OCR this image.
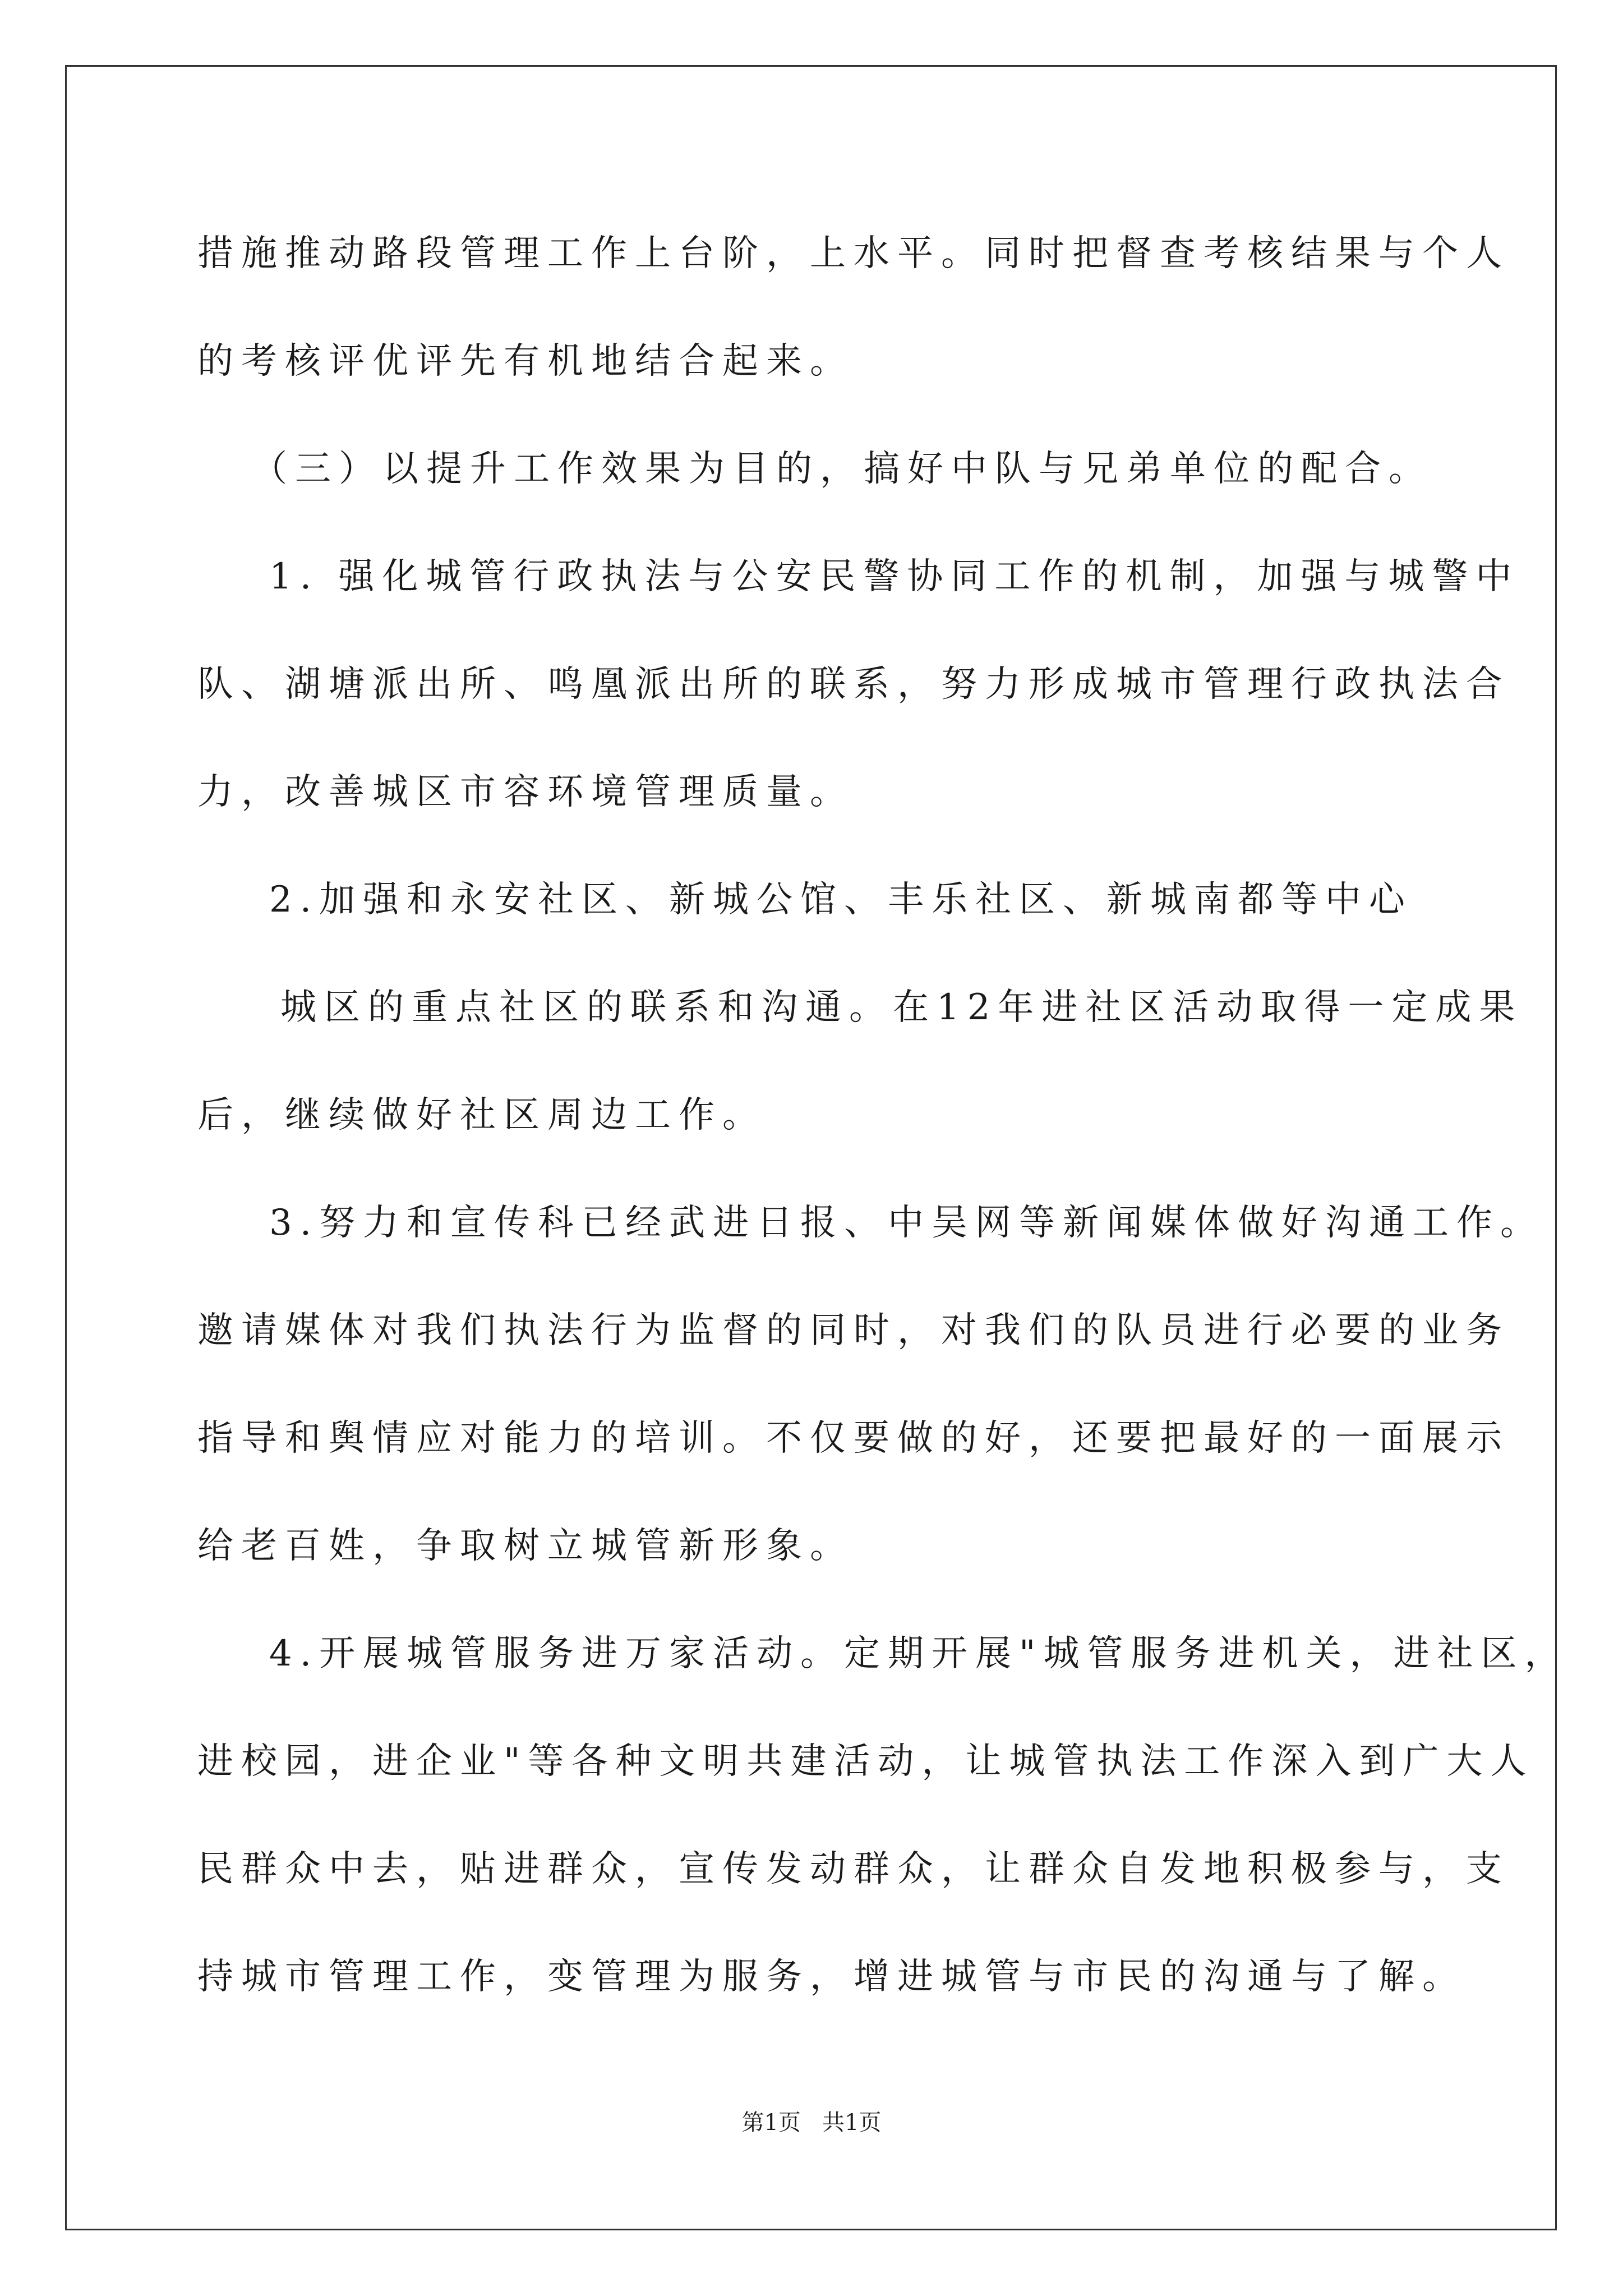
措施推动路段管理工作上台阶，上水平。同时把督查考核结果与个人
的考核评优评先有机地结合起来。
（三）以提升工作效果为目的，搞好中队与兄弟单位的配合。
1. 强化城管行政执法与公安民警协同工作的机制，加强与城警中
队、湖塘派出所、鸣凰派出所的联系，努力形成城市管理行政执法合
力，改善城区市容环境管理质量。
2.加强和永安社区、新城公馆、丰乐社区、新城南都等中心
城区的重点社区的联系和沟通。在12年进社区活动取得一定成果
后，继续做好社区周边工作。
3.努力和宣传科已经武进日报、中吴网等新闻媒体做好沟通工作。
邀请媒体对我们执法行为监督的同时，对我们的队员进行必要的业务
指导和舆情应对能力的培训。不仅要做的好，还要把最好的一面展示
给老百姓，争取树立城管新形象。
4.开展城管服务进万家活动。定期开展"城管服务进机关，进社区，
进校园，进企业"等各种文明共建活动，让城管执法工作深入到广大人
民群众中去，贴进群众，宣传发动群众，让群众自发地积极参与，支
持城市管理工作，变管理为服务，增进城管与市民的沟通与了解。
第1页   共1页
